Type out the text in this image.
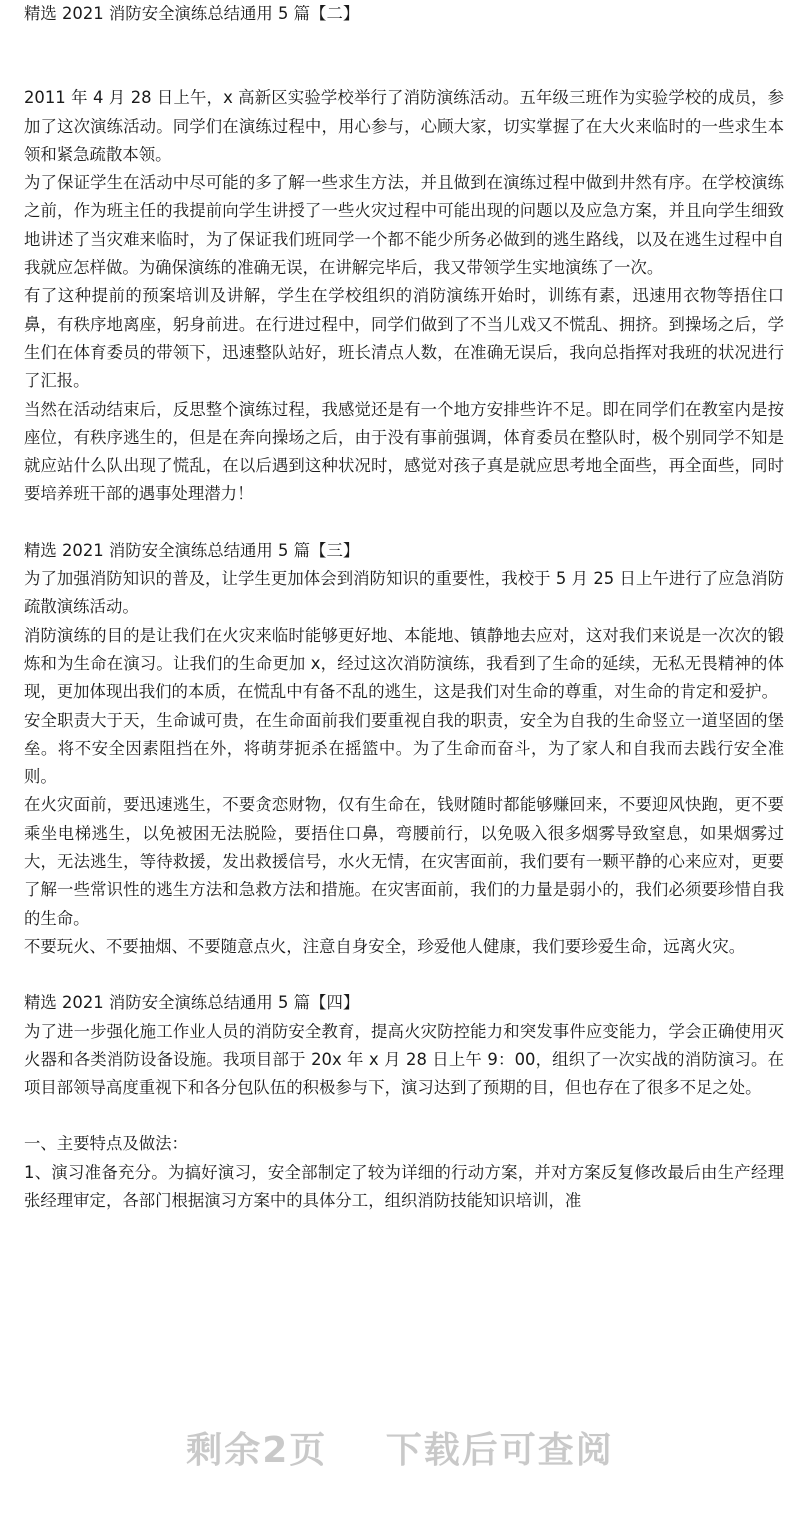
精选 2021 消防安全演练总结通用 5 篇【二】

2011 年 4 月 28 日上午，x 高新区实验学校举行了消防演练活动。五年级三班作为实验学校的成员，参加了这次演练活动。同学们在演练过程中，用心参与，心顾大家，切实掌握了在大火来临时的一些求生本领和紧急疏散本领。

为了保证学生在活动中尽可能的多了解一些求生方法，并且做到在演练过程中做到井然有序。在学校演练之前，作为班主任的我提前向学生讲授了一些火灾过程中可能出现的问题以及应急方案，并且向学生细致地讲述了当灾难来临时，为了保证我们班同学一个都不能少所务必做到的逃生路线，以及在逃生过程中自我就应怎样做。为确保演练的准确无误，在讲解完毕后，我又带领学生实地演练了一次。

有了这种提前的预案培训及讲解，学生在学校组织的消防演练开始时，训练有素，迅速用衣物等捂住口鼻，有秩序地离座，躬身前进。在行进过程中，同学们做到了不当儿戏又不慌乱、拥挤。到操场之后，学生们在体育委员的带领下，迅速整队站好，班长清点人数，在准确无误后，我向总指挥对我班的状况进行了汇报。

当然在活动结束后，反思整个演练过程，我感觉还是有一个地方安排些许不足。即在同学们在教室内是按座位，有秩序逃生的，但是在奔向操场之后，由于没有事前强调，体育委员在整队时，极个别同学不知是就应站什么队出现了慌乱，在以后遇到这种状况时，感觉对孩子真是就应思考地全面些，再全面些，同时要培养班干部的遇事处理潜力！

精选 2021 消防安全演练总结通用 5 篇【三】

为了加强消防知识的普及，让学生更加体会到消防知识的重要性，我校于 5 月 25 日上午进行了应急消防疏散演练活动。

消防演练的目的是让我们在火灾来临时能够更好地、本能地、镇静地去应对，这对我们来说是一次次的锻炼和为生命在演习。让我们的生命更加 x，经过这次消防演练，我看到了生命的延续，无私无畏精神的体现，更加体现出我们的本质，在慌乱中有备不乱的逃生，这是我们对生命的尊重，对生命的肯定和爱护。

安全职责大于天，生命诚可贵，在生命面前我们要重视自我的职责，安全为自我的生命竖立一道坚固的堡垒。将不安全因素阻挡在外，将萌芽扼杀在摇篮中。为了生命而奋斗，为了家人和自我而去践行安全准则。

在火灾面前，要迅速逃生，不要贪恋财物，仅有生命在，钱财随时都能够赚回来，不要迎风快跑，更不要乘坐电梯逃生，以免被困无法脱险，要捂住口鼻，弯腰前行，以免吸入很多烟雾导致窒息，如果烟雾过大，无法逃生，等待救援，发出救援信号，水火无情，在灾害面前，我们要有一颗平静的心来应对，更要了解一些常识性的逃生方法和急救方法和措施。在灾害面前，我们的力量是弱小的，我们必须要珍惜自我的生命。

不要玩火、不要抽烟、不要随意点火，注意自身安全，珍爱他人健康，我们要珍爱生命，远离火灾。

精选 2021 消防安全演练总结通用 5 篇【四】

为了进一步强化施工作业人员的消防安全教育，提高火灾防控能力和突发事件应变能力，学会正确使用灭火器和各类消防设备设施。我项目部于 20x 年 x 月 28 日上午 9：00，组织了一次实战的消防演习。在项目部领导高度重视下和各分包队伍的积极参与下，演习达到了预期的目，但也存在了很多不足之处。

一、主要特点及做法：

1、演习准备充分。为搞好演习，安全部制定了较为详细的行动方案，并对方案反复修改最后由生产经理张经理审定，各部门根据演习方案中的具体分工，组织消防技能知识培训，准

剩余2页 下载后可查阅
